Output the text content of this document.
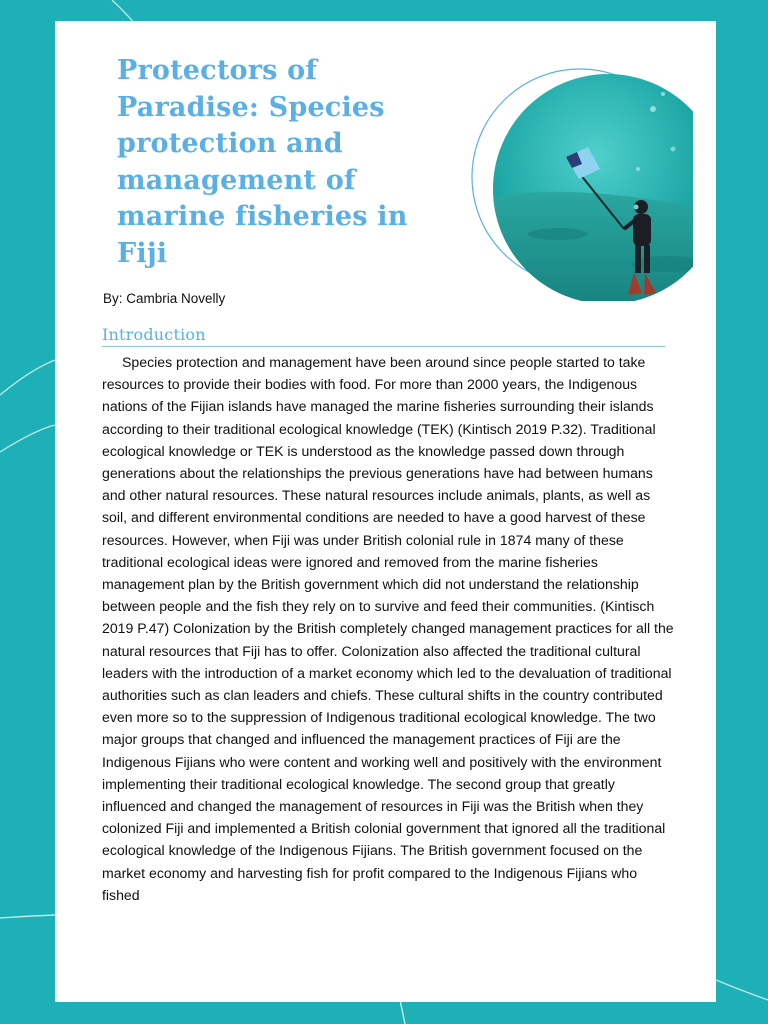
Protectors of Paradise: Species protection and management of marine fisheries in Fiji

By: Cambria Novelly

Introduction

Species protection and management have been around since people started to take resources to provide their bodies with food. For more than 2000 years, the Indigenous nations of the Fijian islands have managed the marine fisheries surrounding their islands according to their traditional ecological knowledge (TEK) (Kintisch 2019 P.32). Traditional ecological knowledge or TEK is understood as the knowledge passed down through generations about the relationships the previous generations have had between humans and other natural resources. These natural resources include animals, plants, as well as soil, and different environmental conditions are needed to have a good harvest of these resources. However, when Fiji was under British colonial rule in 1874 many of these traditional ecological ideas were ignored and removed from the marine fisheries management plan by the British government which did not understand the relationship between people and the fish they rely on to survive and feed their communities. (Kintisch 2019 P.47) Colonization by the British completely changed management practices for all the natural resources that Fiji has to offer. Colonization also affected the traditional cultural leaders with the introduction of a market economy which led to the devaluation of traditional authorities such as clan leaders and chiefs. These cultural shifts in the country contributed even more so to the suppression of Indigenous traditional ecological knowledge. The two major groups that changed and influenced the management practices of Fiji are the Indigenous Fijians who were content and working well and positively with the environment implementing their traditional ecological knowledge. The second group that greatly influenced and changed the management of resources in Fiji was the British when they colonized Fiji and implemented a British colonial government that ignored all the traditional ecological knowledge of the Indigenous Fijians. The British government focused on the market economy and harvesting fish for profit compared to the Indigenous Fijians who fished
